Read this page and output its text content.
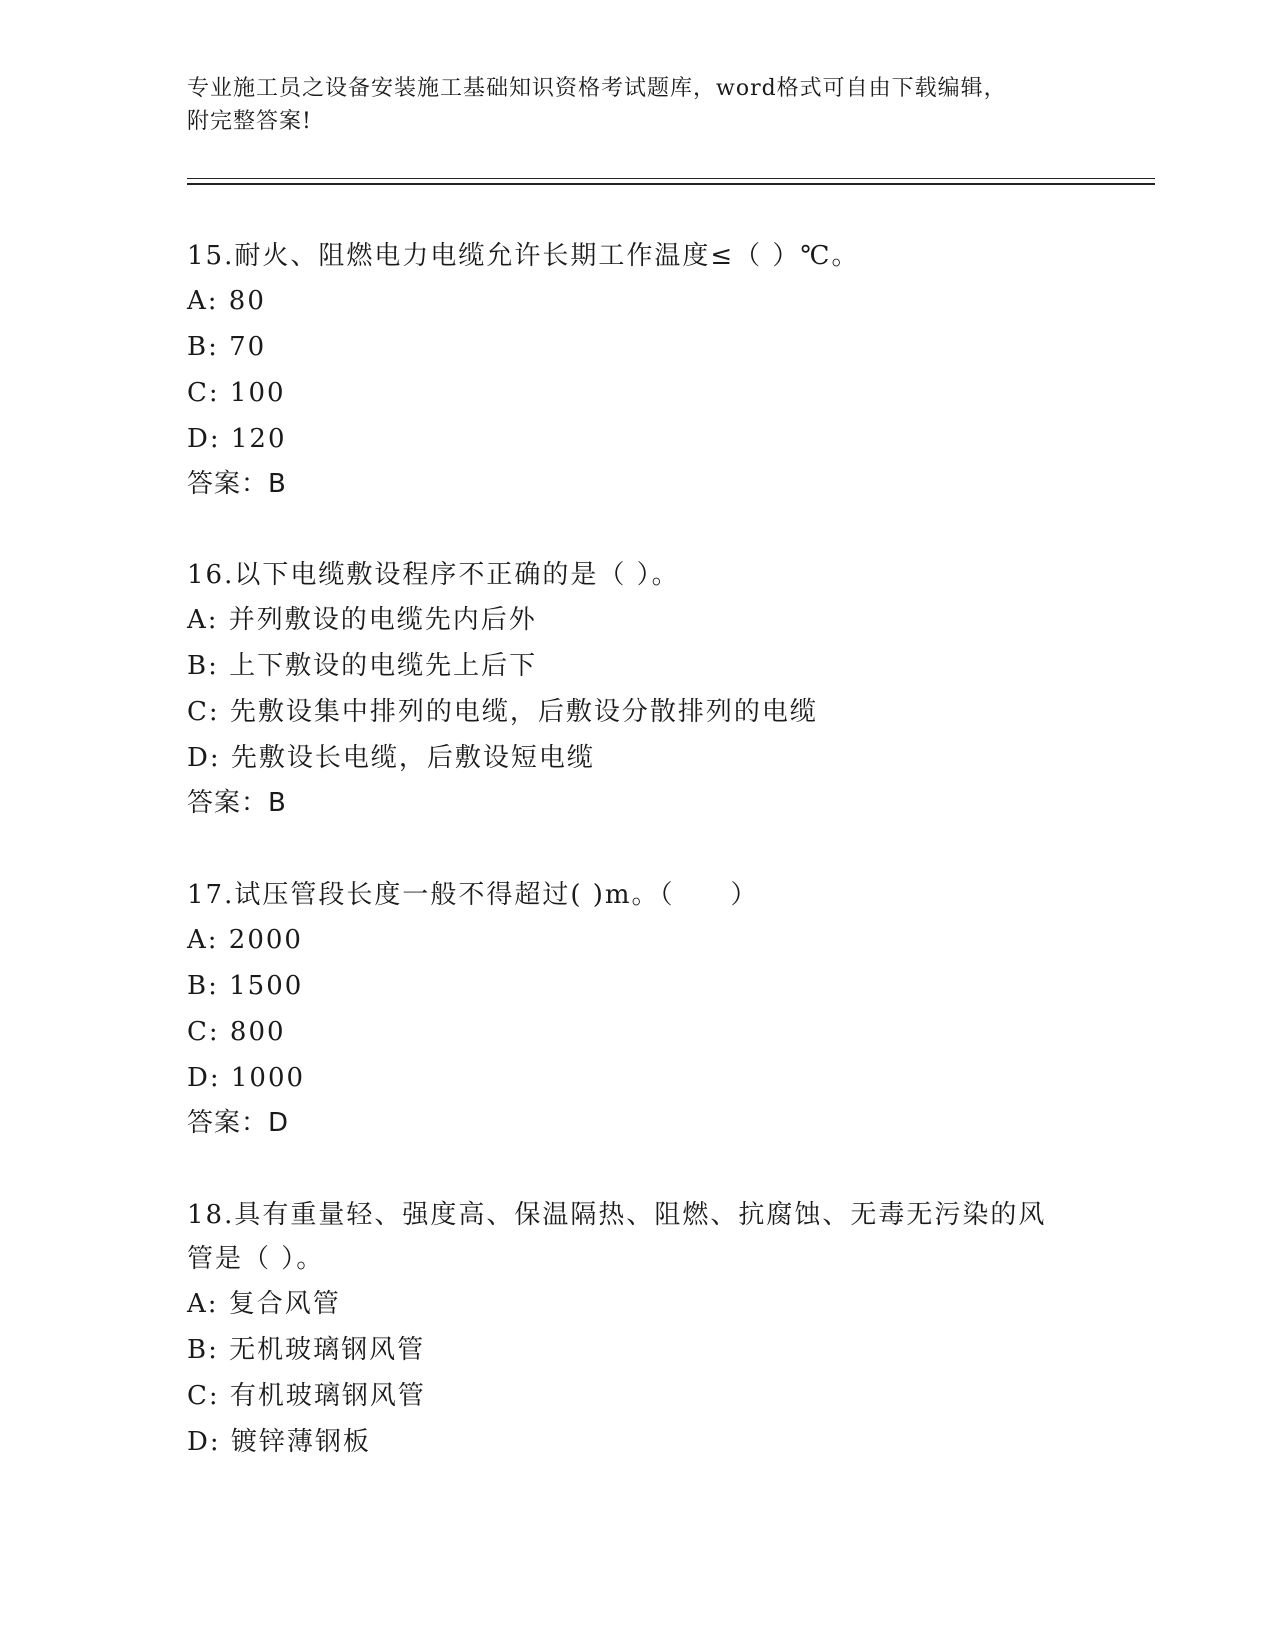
专业施工员之设备安装施工基础知识资格考试题库，word格式可自由下载编辑，
附完整答案!
15.耐火、阻燃电力电缆允许长期工作温度≤（ ）℃。
A: 80
B: 70
C: 100
D: 120
答案：B
16.以下电缆敷设程序不正确的是（ ）。
A: 并列敷设的电缆先内后外
B: 上下敷设的电缆先上后下
C: 先敷设集中排列的电缆，后敷设分散排列的电缆
D: 先敷设长电缆，后敷设短电缆
答案：B
17.试压管段长度一般不得超过( )m。（　　）
A: 2000
B: 1500
C: 800
D: 1000
答案：D
18.具有重量轻、强度高、保温隔热、阻燃、抗腐蚀、无毒无污染的风
管是（ ）。
A: 复合风管
B: 无机玻璃钢风管
C: 有机玻璃钢风管
D: 镀锌薄钢板
